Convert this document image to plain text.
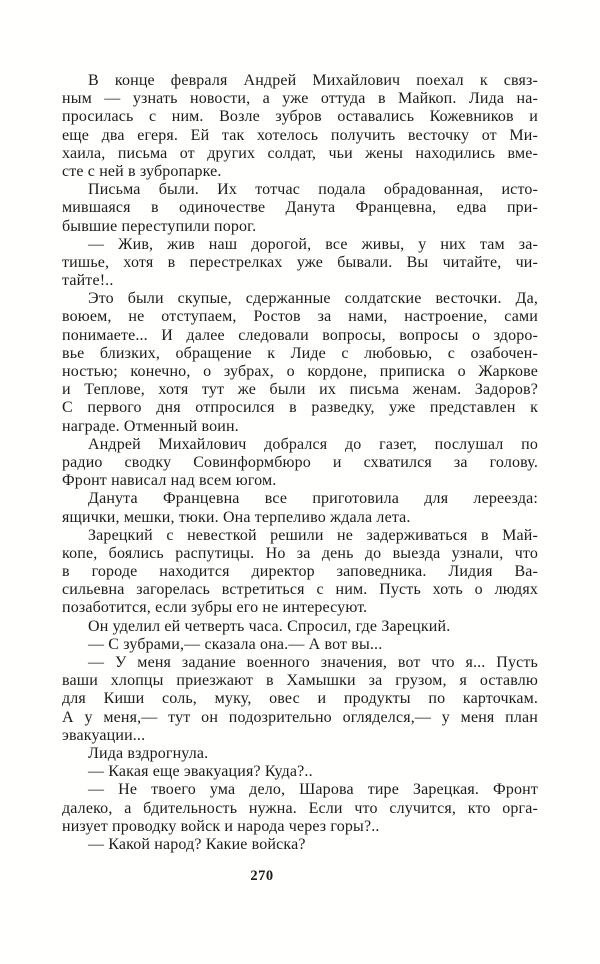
В конце февраля Андрей Михайлович поехал к связ-
ным — узнать новости, а уже оттуда в Майкоп. Лида на-
просилась с ним. Возле зубров оставались Кожевников и
еще два егеря. Ей так хотелось получить весточку от Ми-
хаила, письма от других солдат, чьи жены находились вме-
сте с ней в зубропарке.
Письма были. Их тотчас подала обрадованная, исто-
мившаяся в одиночестве Данута Францевна, едва при-
бывшие переступили порог.
— Жив, жив наш дорогой, все живы, у них там за-
тишье, хотя в перестрелках уже бывали. Вы читайте, чи-
тайте!..
Это были скупые, сдержанные солдатские весточки. Да,
воюем, не отступаем, Ростов за нами, настроение, сами
понимаете... И далее следовали вопросы, вопросы о здоро-
вье близких, обращение к Лиде с любовью, с озабочен-
ностью; конечно, о зубрах, о кордоне, приписка о Жаркове
и Теплове, хотя тут же были их письма женам. Задоров?
С первого дня отпросился в разведку, уже представлен к
награде. Отменный воин.
Андрей Михайлович добрался до газет, послушал по
радио сводку Совинформбюро и схватился за голову.
Фронт нависал над всем югом.
Данута Францевна все приготовила для лереезда:
ящички, мешки, тюки. Она терпеливо ждала лета.
Зарецкий с невесткой решили не задерживаться в Май-
копе, боялись распутицы. Но за день до выезда узнали, что
в городе находится директор заповедника. Лидия Ва-
сильевна загорелась встретиться с ним. Пусть хоть о людях
позаботится, если зубры его не интересуют.
Он уделил ей четверть часа. Спросил, где Зарецкий.
— С зубрами,— сказала она.— А вот вы...
— У меня задание военного значения, вот что я... Пусть
ваши хлопцы приезжают в Хамышки за грузом, я оставлю
для Киши соль, муку, овес и продукты по карточкам.
А у меня,— тут он подозрительно огляделся,— у меня план
эвакуации...
Лида вздрогнула.
— Какая еще эвакуация? Куда?..
— Не твоего ума дело, Шарова тире Зарецкая. Фронт
далеко, а бдительность нужна. Если что случится, кто орга-
низует проводку войск и народа через горы?..
— Какой народ? Какие войска?
270
